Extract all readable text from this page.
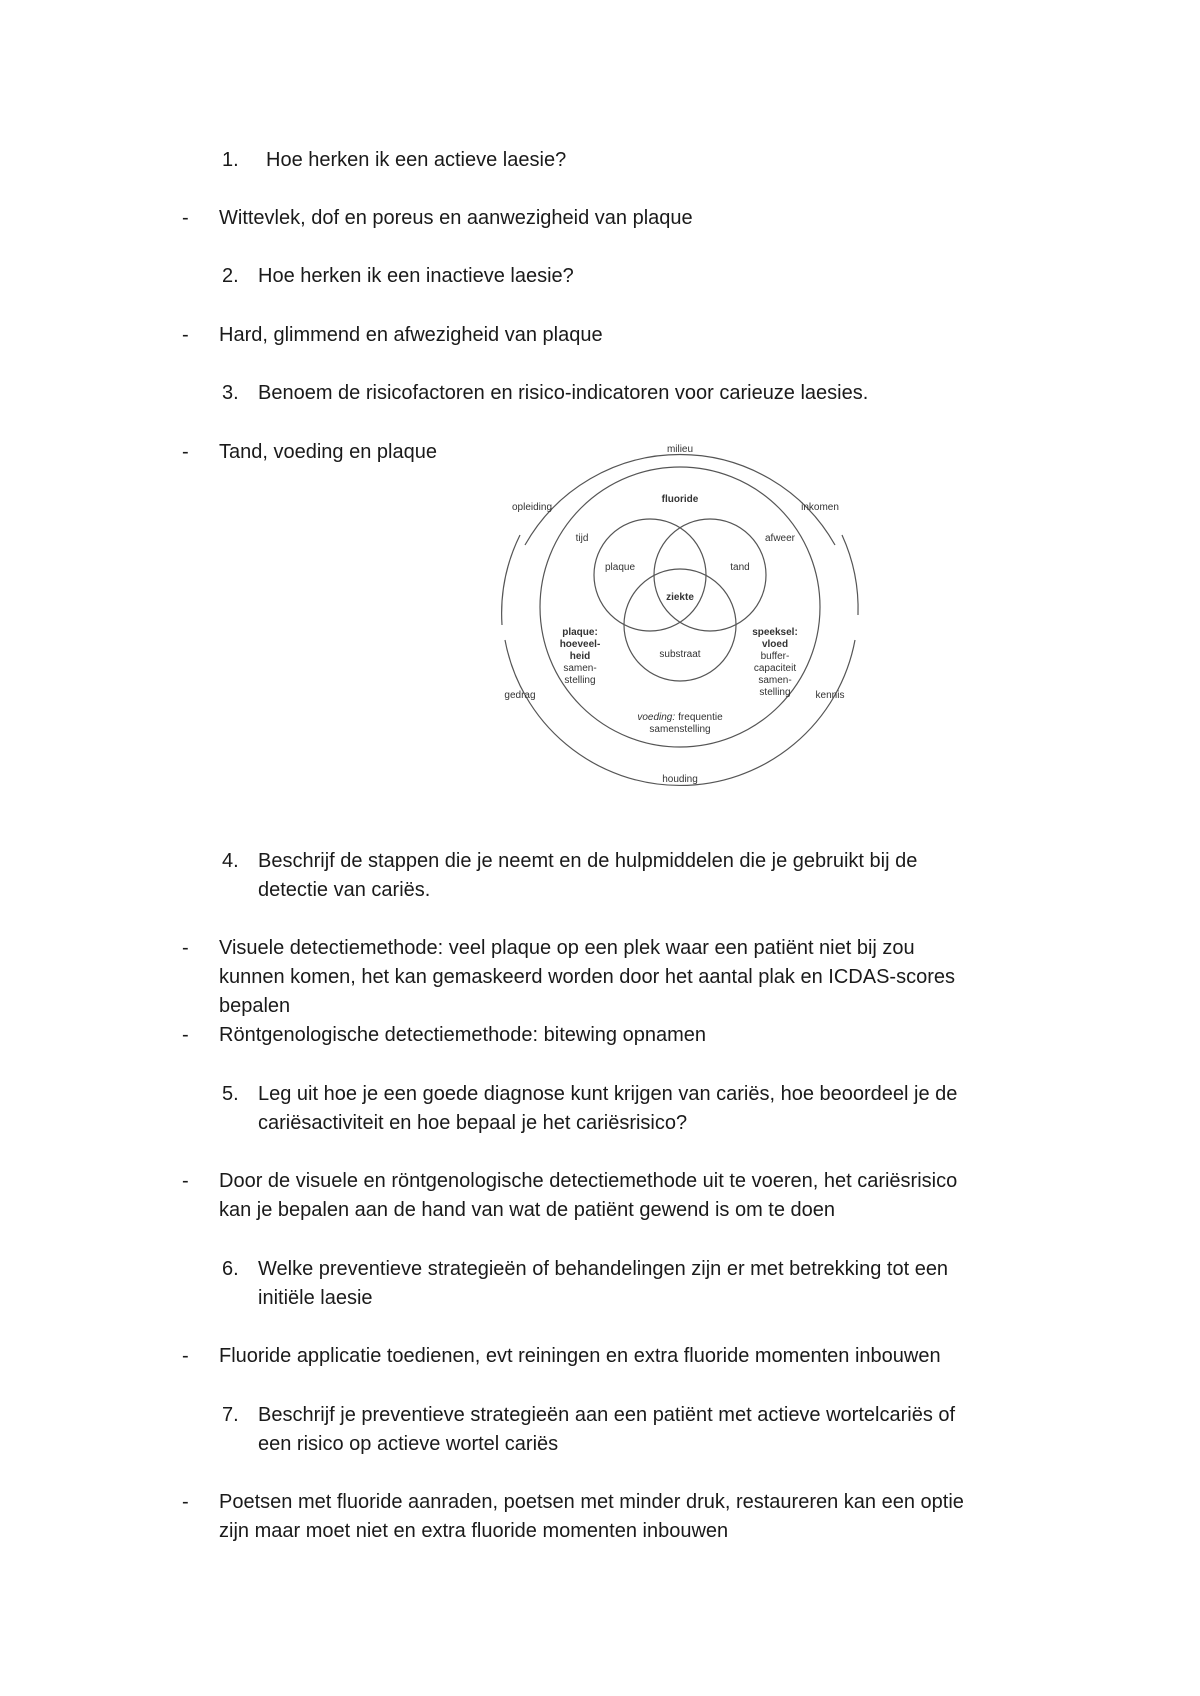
1. Hoe herken ik een actieve laesie?
- Wittevlek, dof en poreus en aanwezigheid van plaque
2. Hoe herken ik een inactieve laesie?
- Hard, glimmend en afwezigheid van plaque
3. Benoem de risicofactoren en risico-indicatoren voor carieuze laesies.
- Tand, voeding en plaque	milieu
opleiding	inkomen
gedrag	kennis
houding
fluoride
tijd	afweer
plaque	tand
ziekte
substraat
plaque:
hoeveel-
heid
samen-
stelling
speeksel:
vloed
buffer-
capaciteit
samen-
stelling
voeding: frequentie
samenstelling
4. Beschrijf de stappen die je neemt en de hulpmiddelen die je gebruikt bij de
detectie van cariës.
- Visuele detectiemethode: veel plaque op een plek waar een patiënt niet bij zou
kunnen komen, het kan gemaskeerd worden door het aantal plak en ICDAS-scores
bepalen
- Röntgenologische detectiemethode: bitewing opnamen
5. Leg uit hoe je een goede diagnose kunt krijgen van cariës, hoe beoordeel je de
cariësactiviteit en hoe bepaal je het cariësrisico?
- Door de visuele en röntgenologische detectiemethode uit te voeren, het cariësrisico
kan je bepalen aan de hand van wat de patiënt gewend is om te doen
6. Welke preventieve strategieën of behandelingen zijn er met betrekking tot een
initiële laesie
- Fluoride applicatie toedienen, evt reiningen en extra fluoride momenten inbouwen
7. Beschrijf je preventieve strategieën aan een patiënt met actieve wortelcariës of
een risico op actieve wortel cariës
- Poetsen met fluoride aanraden, poetsen met minder druk, restaureren kan een optie
zijn maar moet niet en extra fluoride momenten inbouwen
